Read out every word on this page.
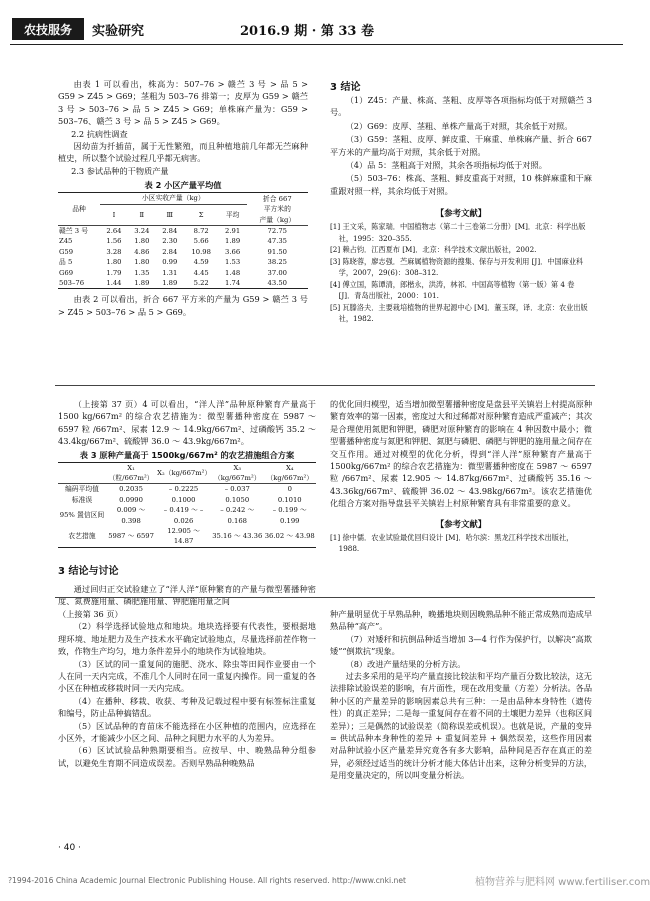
农技服务	实验研究	2016.9 期 · 第 33 卷
由表 1 可以看出，株高为：507–76 > 赣苎 3 号 > 品 5 > G59 > Z45 > G69；茎粗为 503–76 排第一；皮厚为 G59 > 赣苎 3 号 > 503–76 > 品 5 > Z45 > G69；单株麻产量为：G59 > 503–76、赣苎 3 号 > 品 5 > Z45 > G69。
2.2 抗病性调查
因幼苗为扦插苗，属于无性繁殖，而且种植地前几年都无苎麻种植史，所以整个试验过程几乎都无病害。
2.3 参试品种的干物质产量
表 2 小区产量平均值
品种	小区实收产量（kg）					折合 667
	Ⅰ	Ⅱ	Ⅲ	Σ	平均	平方米的
产量（kg）
赣苎 3 号	2.64	3.24	2.84	8.72	2.91	72.75
Z45	1.56	1.80	2.30	5.66	1.89	47.35
G59	3.28	4.86	2.84	10.98	3.66	91.50
品 5	1.80	1.80	0.99	4.59	1.53	38.25
G69	1.79	1.35	1.31	4.45	1.48	37.00
503–76	1.44	1.89	1.89	5.22	1.74	43.50
由表 2 可以看出，折合 667 平方米的产量为 G59 > 赣苎 3 号 > Z45 > 503–76 > 品 5 > G69。
3 结论
（1）Z45：产量、株高、茎粗、皮厚等各项指标均低于对照赣苎 3 号。
（2）G69：皮厚、茎粗、单株产量高于对照，其余低于对照。
（3）G59：茎粗、皮厚、鲜皮重、干麻重、单株麻产量、折合 667 平方米的产量均高于对照，其余低于对照。
（4）品 5：茎粗高于对照，其余各项指标均低于对照。
（5）503–76：株高、茎粗、鲜皮重高于对照，10 株鲜麻重和干麻重跟对照一样，其余均低于对照。
【参考文献】
[1] 王文采，陈家瑞．中国植物志（第二十三卷第二分册）[M]．北京：科学出版社，1995：320–355.
[2] 赖占钧．江西夏布 [M]．北京：科学技术文献出版社，2002.
[3] 陈晓蓉，廖志强．苎麻属植物资源的搜集、保存与开发利用 [J]．中国麻业科学，2007，29(6)：308–312.
[4] 傅立国，陈谭清，郎楷永，洪涛，林祁．中国高等植物（第一版）第 4 卷 [J]．青岛出版社，2000：101.
[5] 瓦滕洛夫．主要栽培植物的世界起源中心 [M]．董玉琛，译．北京：农业出版社，1982.
（上接第 37 页）4 可以看出，“洋人洋”品种原种繁育产量高于 1500 kg/667m² 的综合农艺措施为：微型薯播种密度在 5987 ～ 6597 粒 /667m²、尿素 12.9 ～ 14.9kg/667m²、过磷酸钙 35.2 ～ 43.4kg/667m²、硫酸钾 36.0 ～ 43.9kg/667m²。
表 3 原种产量高于 1500kg/667m² 的农艺措施组合方案
	X₁（粒/667m²）	X₂（kg/667m²）	X₃（kg/667m²）	X₄（kg/667m²）
编码平均值	0.2035	– 0.2225	– 0.037	0
标准误	0.0990	0.1000	0.1050	0.1010
95% 置信区间	0.009 ～ 0.398	– 0.419 ～ – 0.026	– 0.242 ～ 0.168	– 0.199 ～ 0.199
农艺措施	5987 ～ 6597	12.905 ～ 14.87	35.16 ～ 43.36	36.02 ～ 43.98
3 结论与讨论
通过回归正交试验建立了“洋人洋”原种繁育的产量与微型薯播种密度、氮费施用量、磷肥施用量、钾肥施用量之间
的优化回归模型，适当增加微型薯播种密度是盘县平关镇岩上村提高原种繁育效率的第一因素，密度过大和过稀都对原种繁育造成严重减产；其次是合理使用氮肥和钾肥，磷肥对原种繁育的影响在 4 种因数中最小；微型薯播种密度与氮肥和钾肥、氮肥与磷肥、磷肥与钾肥的施用量之间存在交互作用。通过对模型的优化分析，得到“洋人洋”原种繁育产量高于 1500kg/667m² 的综合农艺措施为：微型薯播种密度在 5987 ～ 6597 粒 /667m²、尿素 12.905 ～ 14.87kg/667m²、过磷酸钙 35.16 ～ 43.36kg/667m²、硫酸钾 36.02 ～ 43.98kg/667m²。该农艺措施优化组合方案对指导盘县平关镇岩上村原种繁育具有非常重要的意义。
【参考文献】
[1] 徐中儒．农业试验最优回归设计 [M]．哈尔滨：黑龙江科学技术出版社，1988.
（上接第 36 页）
（2）科学选择试验地点和地块。地块选择要有代表性，要根据地理环境、地址肥力及生产技术水平确定试验地点，尽量选择前茬作物一致，作物生产均匀，地力条件差异小的地块作为试验地块。
（3）区试的同一重复间的施肥、浇水、除虫等田间作业要由一个人在同一天内完成，不准几个人同时在同一重复内操作。同一重复的各小区在种植或移栽时同一天内完成。
（4）在播种、移栽、收获、考种及记载过程中要有标签标注重复和编号，防止品种搞错乱。
（5）区试品种的育苗床不能选择在小区种植的范围内，应选择在小区外，才能减少小区之间、品种之间肥力水平的人为差异。
（6）区试试验品种熟期要相当。应按早、中、晚熟品种分组参试，以避免生育期不同造成误差。否则早熟品种晚熟品
种产量明显优于早熟品种，晚播地块则因晚熟品种不能正常成熟而造成早熟品种“高产”。
（7）对矮秆和抗倒品种适当增加 3—4 行作为保护行，以解决“高欺矮”“倒欺抗”现象。
（8）改进产量结果的分析方法。
过去多采用的是平均产量直接比较法和平均产量百分数比较法，这无法排除试验误差的影响，有片面性，现在改用变量（方差）分析法。各品种小区的产量差异的影响因素总共有三种：一是由品种本身特性（遗传性）的真正差异；二是每一重复间存在着不同的土壤肥力差异（也称区间差异）；三是偶然的试验误差（简称误差或机误）。也就是说，产量的变异 = 供试品种本身种性的差异 + 重复间差异 + 偶然误差，这些作用因素对品种试验小区产量差异究竟各有多大影响，品种间是否存在真正的差异，必须经过适当的统计分析才能大体估计出来，这种分析变异的方法，是用变量决定的，所以叫变量分析法。
· 40 ·
?1994-2016 China Academic Journal Electronic Publishing House. All rights reserved. http://www.cnki.net	植物营养与肥料网 www.fertiliser.com
